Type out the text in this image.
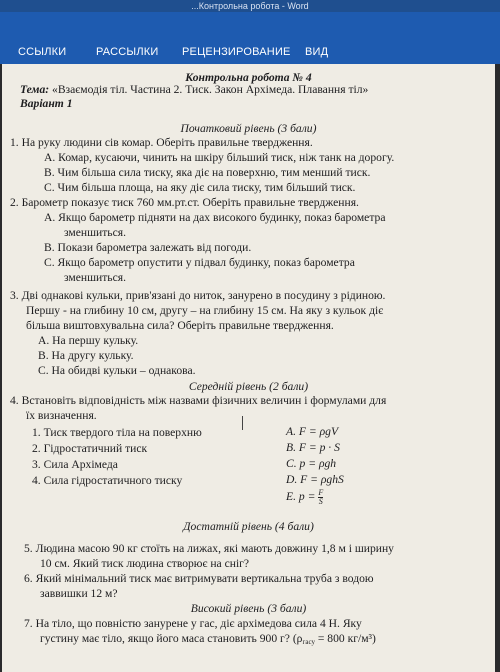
...Контрольна робота - Word
ССЫЛКИ	РАССЫЛКИ РЕЦЕНЗИРОВАНИЕ ВИД
Контрольна робота № 4
Тема: «Взаємодія тіл. Частина 2. Тиск. Закон Архімеда. Плавання тіл»
Варіант 1
Початковий рівень (3 бали)
1. На руку людини сів комар. Оберіть правильне твердження.
А. Комар, кусаючи, чинить на шкіру більший тиск, ніж танк на дорогу.
В. Чим більша сила тиску, яка діє на поверхню, тим менший тиск.
С. Чим більша площа, на яку діє сила тиску, тим більший тиск.
2. Барометр показує тиск 760 мм.рт.ст. Оберіть правильне твердження.
А. Якщо барометр підняти на дах високого будинку, показ барометра
зменшиться.
В. Покази барометра залежать від погоди.
С. Якщо барометр опустити у підвал будинку, показ барометра
зменшиться.
3. Дві однакові кульки, прив'язані до ниток, занурено в посудину з рідиною.
Першу - на глибину 10 см, другу – на глибину 15 см. На яку з кульок діє
більша виштовхувальна сила? Оберіть правильне твердження.
А. На першу кульку.
В. На другу кульку.
С. На обидві кульки – однакова.
Середній рівень (2 бали)
4. Встановіть відповідність між назвами фізичних величин і формулами для
їх визначення.
1. Тиск твердого тіла на поверхню
2. Гідростатичний тиск
3. Сила Архімеда
4. Сила гідростатичного тиску
A. F = ρgV
B. F = p ∙ S
C. p = ρgh
D. F = ρghS
E. $p = \frac{F}{S}$
Достатній рівень (4 бали)
5. Людина масою 90 кг стоїть на лижах, які мають довжину 1,8 м і ширину
10 см. Який тиск людина створює на сніг?
6. Який мінімальний тиск має витримувати вертикальна труба з водою
заввишки 12 м?
Високий рівень (3 бали)
7. На тіло, що повністю занурене у гас, діє архімедова сила 4 Н. Яку
густину має тіло, якщо його маса становить 900 г? ($\rho_{гасу} = 800$ кг/м³)
